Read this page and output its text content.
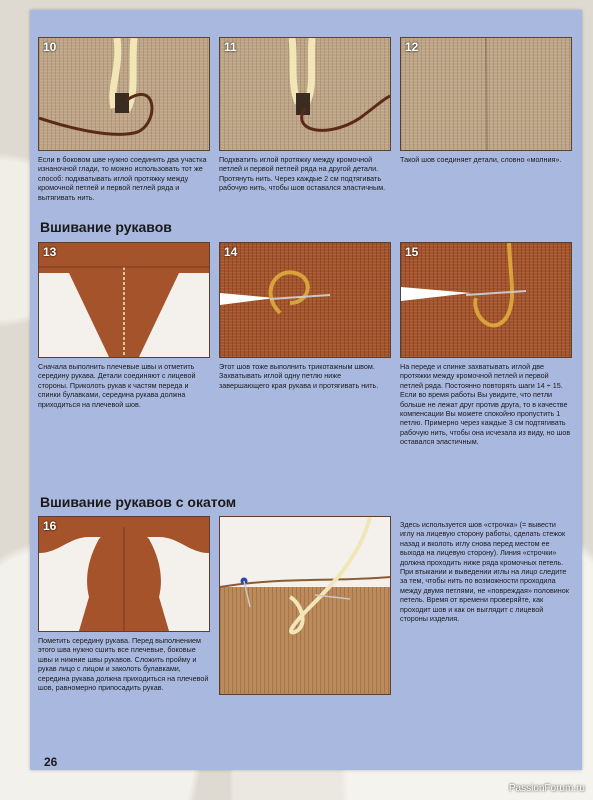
10	11	12
Если в боковом шве нужно соединить два участка изнаночной глади, то можно использовать тот же способ: подхватывать иглой протяжку между кромочной петлей и первой петлей ряда и вытягивать нить.
Подхватить иглой протяжку между кромочной петлей и первой петлей ряда на другой детали. Протянуть нить. Через каждые 2 см подтягивать рабочую нить, чтобы шов оставался эластичным.
Такой шов соединяет детали, словно «молния».
Вшивание рукавов
13	14	15
Сначала выполнить плечевые швы и отметить середину рукава. Детали соединяют с лицевой стороны. Приколоть рукав к частям переда и спинки булавками, середина рукава должна приходиться на плечевой шов.
Этот шов тоже выполнить трикотажным швом. Захватывать иглой одну петлю ниже завершающего края рукава и протягивать нить.
На переде и спинке захватывать иглой две протяжки между кромочной петлей и первой петлей ряда. Постоянно повторять шаги 14 ÷ 15. Если во время работы Вы увидите, что петли больше не лежат друг против друга, то в качестве компенсации Вы можете спокойно пропустить 1 петлю. Примерно через каждые 3 см подтягивать рабочую нить, чтобы она исчезала из виду, но шов оставался эластичным.
Вшивание рукавов с окатом
16
Пометить середину рукава. Перед выполнением этого шва нужно сшить все плечевые, боковые швы и нижние швы рукавов. Сложить пройму и рукав лицо с лицом и заколоть булавками, середина рукава должна приходиться на плечевой шов, равномерно припосадить рукав.
Здесь используется шов «строчка» (= вывести иглу на лицевую сторону работы, сделать стежок назад и вколоть иглу снова перед местом ее выхода на лицевую сторону). Линия «строчки» должна проходить ниже ряда кромочных петель. При втыкании и выведении иглы на лицо следите за тем, чтобы нить по возможности проходила между двумя петлями, не «повреждая» половинок петель. Время от времени проверяйте, как проходит шов и как он выглядит с лицевой стороны изделия.
26
PassionForum.ru
